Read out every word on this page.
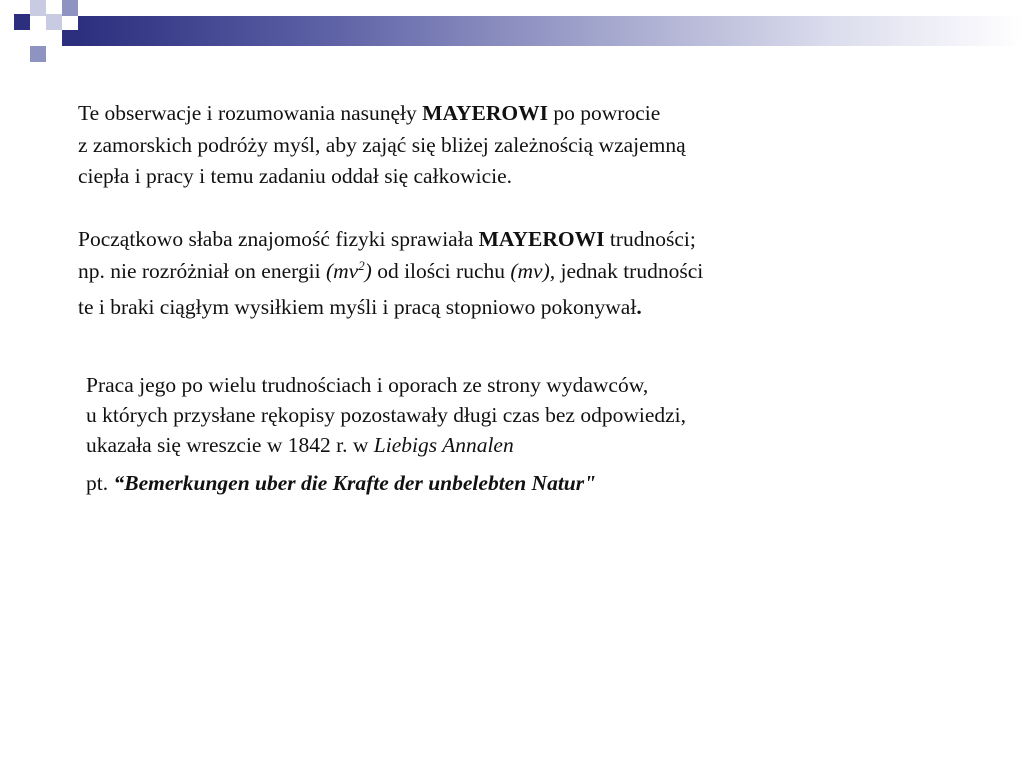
Te obserwacje i rozumowania nasunęły MAYEROWI po powrocie
z zamorskich podróży myśl, aby zająć się bliżej zależnością wzajemną
ciepła i pracy i temu zadaniu oddał się całkowicie.
Początkowo słaba znajomość fizyki sprawiała MAYEROWI trudności;
np. nie rozróżniał on energii $(mv^2)$ od ilości ruchu (mv), jednak trudności
te i braki ciągłym wysiłkiem myśli i pracą stopniowo pokonywał.
Praca jego po wielu trudnościach i oporach ze strony wydawców,
u których przysłane rękopisy pozostawały długi czas bez odpowiedzi,
ukazała się wreszcie w 1842 r. w Liebigs Annalen
pt. “Bemerkungen uber die Krafte der unbelebten Natur"
